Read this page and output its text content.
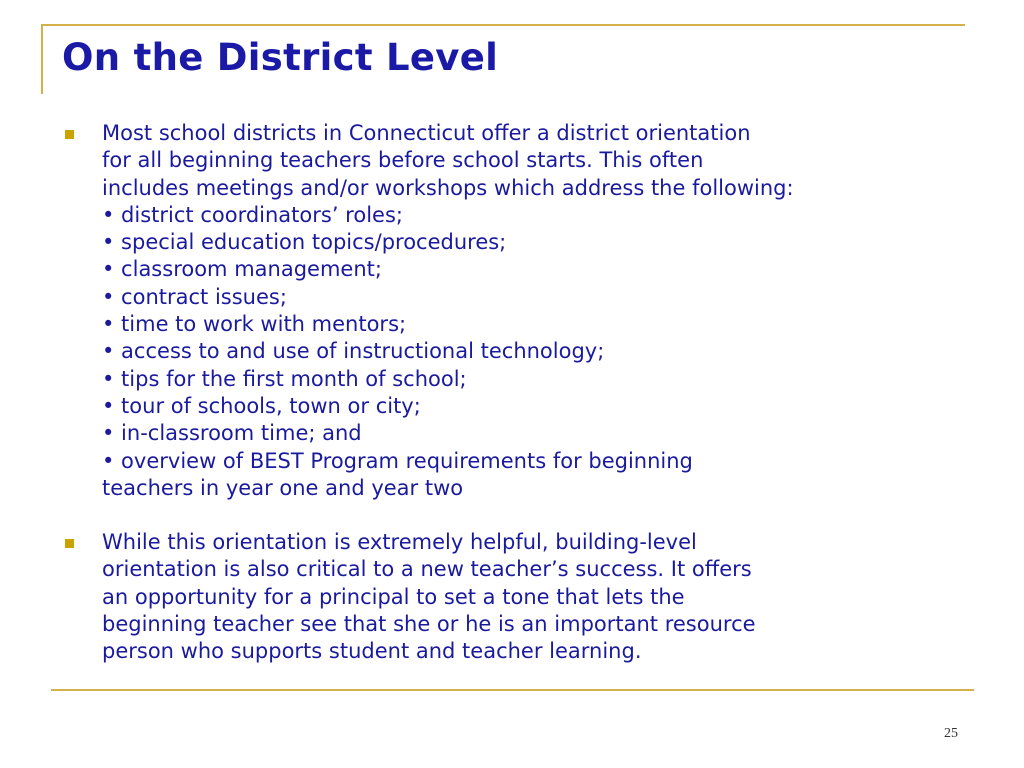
On the District Level
Most school districts in Connecticut offer a district orientation
for all beginning teachers before school starts. This often
includes meetings and/or workshops which address the following:
• district coordinators’ roles;
• special education topics/procedures;
• classroom management;
• contract issues;
• time to work with mentors;
• access to and use of instructional technology;
• tips for the first month of school;
• tour of schools, town or city;
• in-classroom time; and
• overview of BEST Program requirements for beginning
teachers in year one and year two
While this orientation is extremely helpful, building-level
orientation is also critical to a new teacher’s success. It offers
an opportunity for a principal to set a tone that lets the
beginning teacher see that she or he is an important resource
person who supports student and teacher learning.
25
